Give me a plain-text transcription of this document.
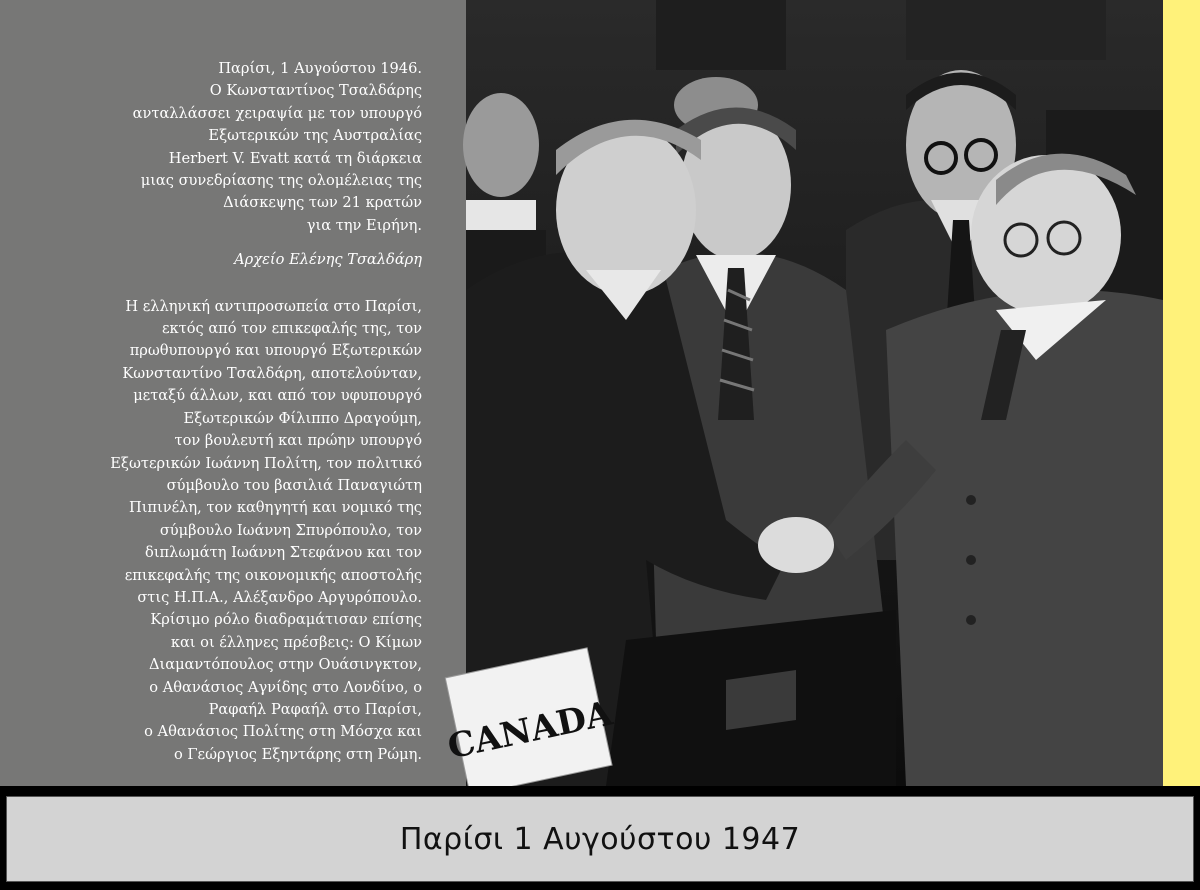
Παρίσι, 1 Αυγούστου 1946.

Ο Κωνσταντίνος Τσαλδάρης

ανταλλάσσει χειραψία με τον υπουργό

Εξωτερικών της Αυστραλίας

Herbert V. Evatt κατά τη διάρκεια

μιας συνεδρίασης της ολομέλειας της

Διάσκεψης των 21 κρατών

για την Ειρήνη.

Αρχείο Ελένης Τσαλδάρη

Η ελληνική αντιπροσωπεία στο Παρίσι,

εκτός από τον επικεφαλής της, τον

πρωθυπουργό και υπουργό Εξωτερικών

Κωνσταντίνο Τσαλδάρη, αποτελούνταν,

μεταξύ άλλων, και από τον υφυπουργό

Εξωτερικών Φίλιππο Δραγούμη,

τον βουλευτή και πρώην υπουργό

Εξωτερικών Ιωάννη Πολίτη, τον πολιτικό

σύμβουλο του βασιλιά Παναγιώτη

Πιπινέλη, τον καθηγητή και νομικό της

σύμβουλο Ιωάννη Σπυρόπουλο, τον

διπλωμάτη Ιωάννη Στεφάνου και τον

επικεφαλής της οικονομικής αποστολής

στις Η.Π.Α., Αλέξανδρο Αργυρόπουλο.

Κρίσιμο ρόλο διαδραμάτισαν επίσης

και οι έλληνες πρέσβεις: Ο Κίμων

Διαμαντόπουλος στην Ουάσινγκτον,

ο Αθανάσιος Αγνίδης στο Λονδίνο, ο

Ραφαήλ Ραφαήλ στο Παρίσι,

ο Αθανάσιος Πολίτης στη Μόσχα και

ο Γεώργιος Εξηντάρης στη Ρώμη. CANADA
Παρίσι 1 Αυγούστου 1947
